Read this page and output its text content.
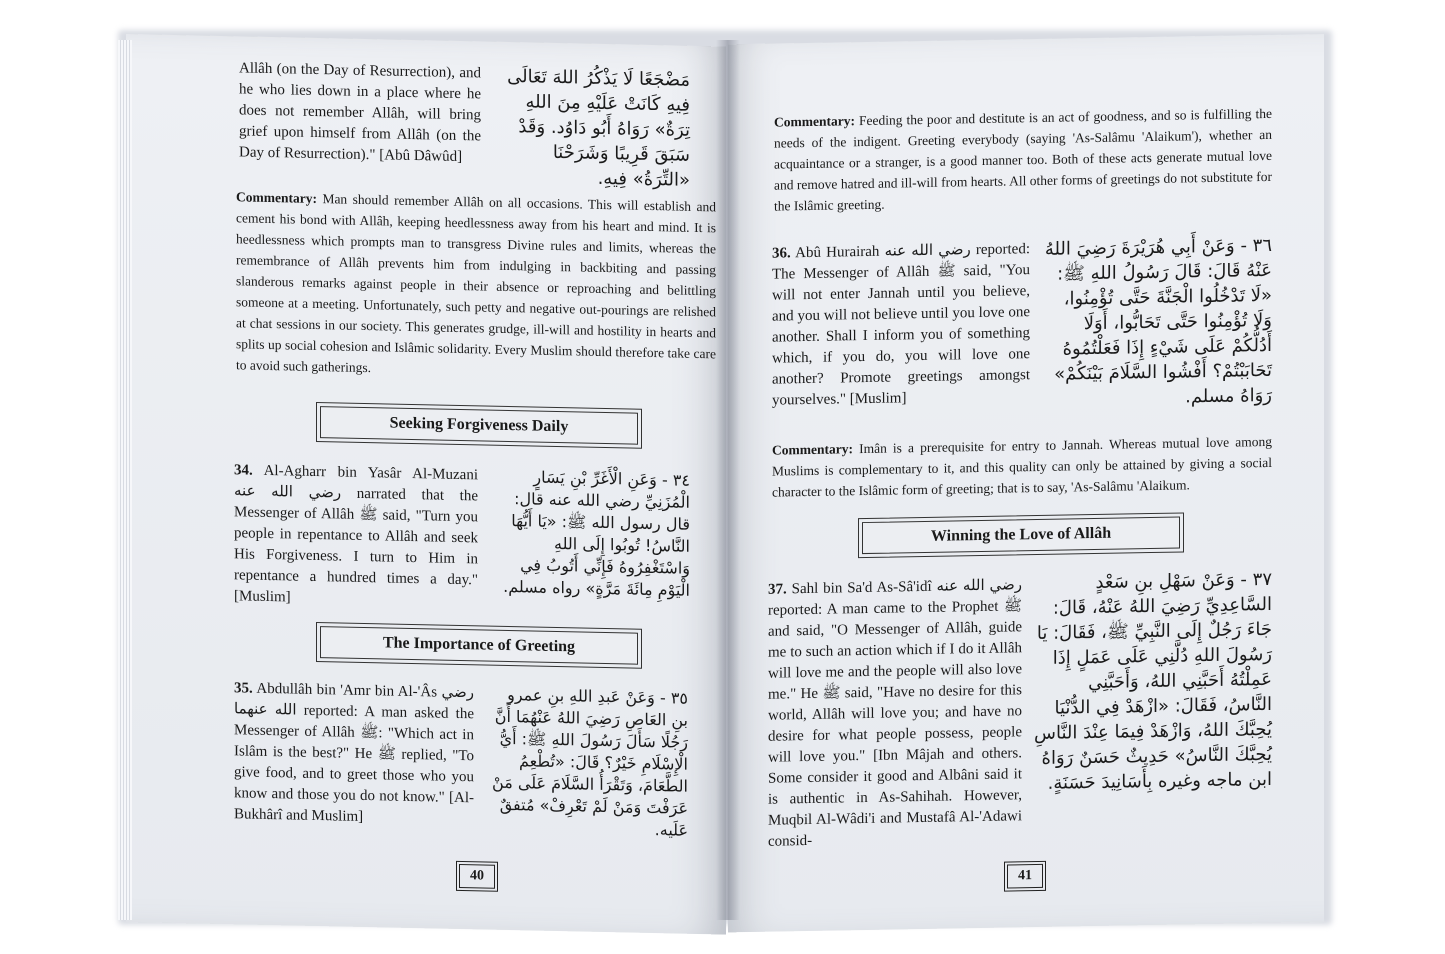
Allâh (on the Day of Resurrection), and he who lies down in a place where he does not remember Allâh, will bring grief upon himself from Allâh (on the Day of Resurrection)." [Abû Dâwûd]
مَضْجَعًا لَا يَذْكُرُ اللهَ تَعَالَى فِيهِ كَانَتْ عَلَيْهِ مِنَ اللهِ تِرَةٌ» رَوَاهُ أَبُو دَاوُد. وَقَدْ سَبَقَ قَرِيبًا وَشَرَحْنَا «التِّرَةُ» فِيهِ.
Commentary: Man should remember Allâh on all occasions. This will establish and cement his bond with Allâh, keeping heedlessness away from his heart and mind. It is heedlessness which prompts man to transgress Divine rules and limits, whereas the remembrance of Allâh prevents him from indulging in backbiting and passing slanderous remarks against people in their absence or reproaching and belittling someone at a meeting. Unfortunately, such petty and negative out-pourings are relished at chat sessions in our society. This generates grudge, ill-will and hostility in hearts and splits up social cohesion and Islâmic solidarity. Every Muslim should therefore take care to avoid such gatherings.
Seeking Forgiveness Daily
34. Al-Agharr bin Yasâr Al-Muzani رضي الله عنه narrated that the Messenger of Allâh ﷺ said, "Turn you people in repentance to Allâh and seek His Forgiveness. I turn to Him in repentance a hundred times a day." [Muslim]
٣٤ - وَعَنِ الْأَغَرِّ بْنِ يَسَارٍ الْمُزَنِيِّ رضي الله عنه قال: قال رسول الله ﷺ: «يَا أَيُّهَا النَّاسُ! تُوبُوا إِلَى اللهِ وَاسْتَغْفِرُوهُ فَإِنِّي أَتُوبُ فِي الْيَوْمِ مِائَةَ مَرَّةٍ» رواه مسلم.
The Importance of Greeting
35. Abdullâh bin 'Amr bin Al-'Âs رضي الله عنهما reported: A man asked the Messenger of Allâh ﷺ: "Which act in Islâm is the best?" He ﷺ replied, "To give food, and to greet those who you know and those you do not know." [Al-Bukhârî and Muslim]
٣٥ - وَعَنْ عَبدِ اللهِ بنِ عمرو بنِ العَاصِ رَضِيَ اللهُ عَنْهُمَا أَنَّ رَجُلًا سَأَلَ رَسُولَ اللهِ ﷺ: أَيُّ الْإِسْلَامِ خَيْرٌ؟ قَالَ: «تُطْعِمُ الطَّعَامَ، وَتَقْرَأُ السَّلَامَ عَلَى مَنْ عَرَفْتَ وَمَنْ لَمْ تَعْرِفْ» مُتفقٌ عَلَيه.
40
Commentary: Feeding the poor and destitute is an act of goodness, and so is fulfilling the needs of the indigent. Greeting everybody (saying 'As-Salâmu 'Alaikum'), whether an acquaintance or a stranger, is a good manner too. Both of these acts generate mutual love and remove hatred and ill-will from hearts. All other forms of greetings do not substitute for the Islâmic greeting.
36. Abû Hurairah رضي الله عنه reported: The Messenger of Allâh ﷺ said, "You will not enter Jannah until you believe, and you will not believe until you love one another. Shall I inform you of something which, if you do, you will love one another? Promote greetings amongst yourselves." [Muslim]
٣٦ - وَعَنْ أَبِي هُرَيْرَةَ رَضِيَ اللهُ عَنْهُ قَالَ: قَالَ رَسُولُ اللهِ ﷺ: «لَا تَدْخُلُوا الْجَنَّةَ حَتَّى تُؤْمِنُوا، وَلَا تُؤْمِنُوا حَتَّى تَحَابُّوا، أَوَلَا أَدُلُّكُمْ عَلَى شَيْءٍ إِذَا فَعَلْتُمُوهُ تَحَابَبْتُمْ؟ أَفْشُوا السَّلَامَ بَيْنَكُمْ» رَوَاهُ مسلم.
Commentary: Imân is a prerequisite for entry to Jannah. Whereas mutual love among Muslims is complementary to it, and this quality can only be attained by giving a social character to the Islâmic form of greeting; that is to say, 'As-Salâmu 'Alaikum.
Winning the Love of Allâh
37. Sahl bin Sa'd As-Sâ'idî رضي الله عنه reported: A man came to the Prophet ﷺ and said, "O Messenger of Allâh, guide me to such an action which if I do it Allâh will love me and the people will also love me." He ﷺ said, "Have no desire for this world, Allâh will love you; and have no desire for what people possess, people will love you." [Ibn Mâjah and others. Some consider it good and Albâni said it is authentic in As-Sahihah. However, Muqbil Al-Wâdi'i and Mustafâ Al-'Adawi consid-
٣٧ - وَعَنْ سَهْلِ بنِ سَعْدٍ السَّاعِدِيِّ رَضِيَ اللهُ عَنْهُ، قَالَ: جَاءَ رَجُلٌ إِلَى النَّبِيِّ ﷺ، فَقَالَ: يَا رَسُولَ اللهِ دُلَّنِي عَلَى عَمَلٍ إِذَا عَمِلْتُهُ أَحَبَّنِي اللهُ، وَأَحَبَّنِي النَّاسُ، فَقَالَ: «ازْهَدْ فِي الدُّنْيَا يُحِبَّكَ اللهُ، وَازْهَدْ فِيمَا عِنْدَ النَّاسِ يُحِبَّكَ النَّاسُ» حَدِيثٌ حَسَنٌ رَوَاهُ ابن ماجه وغيره بِأَسَانِيدَ حَسَنَةٍ.
41
